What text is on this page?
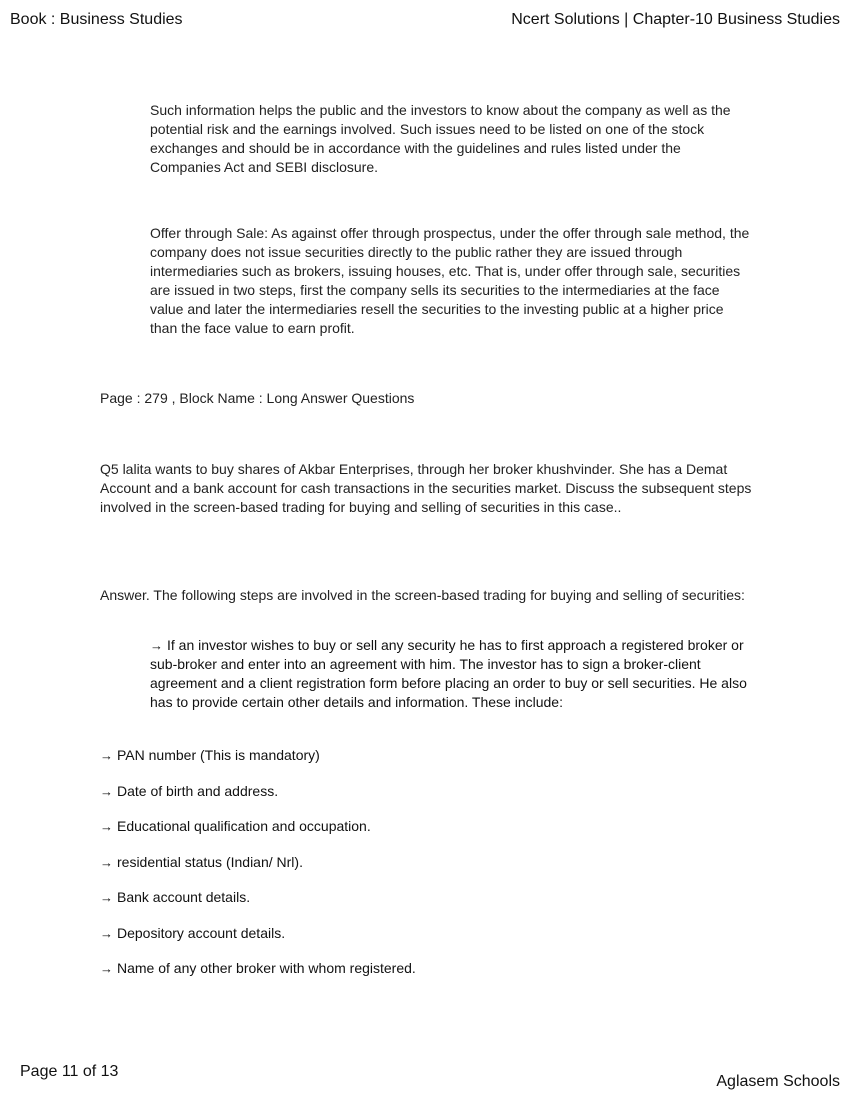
Book : Business Studies	Ncert Solutions | Chapter-10 Business Studies

Such information helps the public and the investors to know about the company as well as the potential risk and the earnings involved. Such issues need to be listed on one of the stock exchanges and should be in accordance with the guidelines and rules listed under the Companies Act and SEBI disclosure.

Offer through Sale: As against offer through prospectus, under the offer through sale method, the company does not issue securities directly to the public rather they are issued through intermediaries such as brokers, issuing houses, etc. That is, under offer through sale, securities are issued in two steps, first the company sells its securities to the intermediaries at the face value and later the intermediaries resell the securities to the investing public at a higher price than the face value to earn profit.

Page : 279 , Block Name : Long Answer Questions

Q5 lalita wants to buy shares of Akbar Enterprises, through her broker khushvinder. She has a Demat Account and a bank account for cash transactions in the securities market. Discuss the subsequent steps involved in the screen-based trading for buying and selling of securities in this case..

Answer. The following steps are involved in the screen-based trading for buying and selling of securities:

→ If an investor wishes to buy or sell any security he has to first approach a registered broker or sub-broker and enter into an agreement with him. The investor has to sign a broker-client agreement and a client registration form before placing an order to buy or sell securities. He also has to provide certain other details and information. These include:
→ PAN number (This is mandatory)
→ Date of birth and address.
→ Educational qualification and occupation.
→ residential status (Indian/ Nrl).
→ Bank account details.
→ Depository account details.
→ Name of any other broker with whom registered.
Page 11 of 13
Aglasem Schools
